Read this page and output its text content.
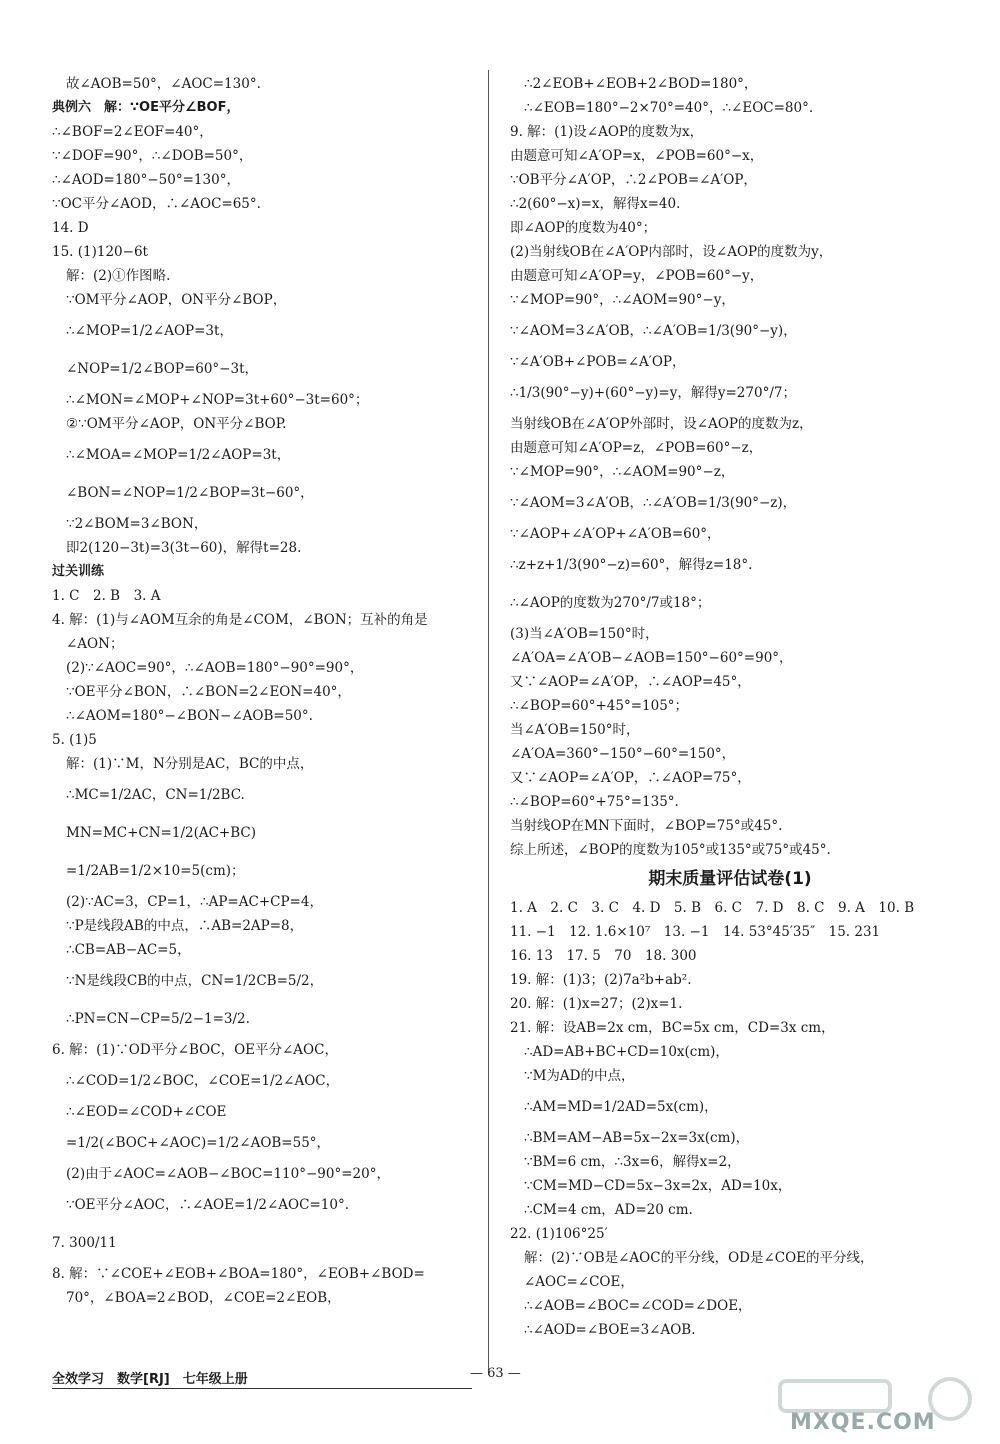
故∠AOB=50°，∠AOC=130°.
典例六　解：∵OE平分∠BOF，
∴∠BOF=2∠EOF=40°，
∵∠DOF=90°，∴∠DOB=50°，
∴∠AOD=180°−50°=130°，
∵OC平分∠AOD，∴∠AOC=65°.
14. D
15. (1)120−6t
解：(2)①作图略.
∵OM平分∠AOP，ON平分∠BOP，
∴∠MOP=1/2∠AOP=3t，
∠NOP=1/2∠BOP=60°−3t，
∴∠MON=∠MOP+∠NOP=3t+60°−3t=60°；
②∵OM平分∠AOP，ON平分∠BOP.
∴∠MOA=∠MOP=1/2∠AOP=3t，
∠BON=∠NOP=1/2∠BOP=3t−60°，
∵2∠BOM=3∠BON，
即2(120−3t)=3(3t−60)，解得t=28.
过关训练
1. C　2. B　3. A
4. 解：(1)与∠AOM互余的角是∠COM，∠BON；互补的角是
∠AON；
(2)∵∠AOC=90°，∴∠AOB=180°−90°=90°，
∵OE平分∠BON，∴∠BON=2∠EON=40°，
∴∠AOM=180°−∠BON−∠AOB=50°.
5. (1)5
解：(1)∵M，N分别是AC，BC的中点，
∴MC=1/2AC，CN=1/2BC.
MN=MC+CN=1/2(AC+BC)
=1/2AB=1/2×10=5(cm)；
(2)∵AC=3，CP=1，∴AP=AC+CP=4，
∵P是线段AB的中点，∴AB=2AP=8，
∴CB=AB−AC=5，
∵N是线段CB的中点，CN=1/2CB=5/2，
∴PN=CN−CP=5/2−1=3/2.
6. 解：(1)∵OD平分∠BOC，OE平分∠AOC，
∴∠COD=1/2∠BOC，∠COE=1/2∠AOC，
∴∠EOD=∠COD+∠COE
=1/2(∠BOC+∠AOC)=1/2∠AOB=55°，
(2)由于∠AOC=∠AOB−∠BOC=110°−90°=20°，
∵OE平分∠AOC，∴∠AOE=1/2∠AOC=10°.
7. 300/11
8. 解：∵∠COE+∠EOB+∠BOA=180°，∠EOB+∠BOD=
70°，∠BOA=2∠BOD，∠COE=2∠EOB，
∴2∠EOB+∠EOB+2∠BOD=180°，
∴∠EOB=180°−2×70°=40°，∴∠EOC=80°.
9. 解：(1)设∠AOP的度数为x，
由题意可知∠A′OP=x，∠POB=60°−x，
∵OB平分∠A′OP，∴2∠POB=∠A′OP，
∴2(60°−x)=x，解得x=40.
即∠AOP的度数为40°；
(2)当射线OB在∠A′OP内部时，设∠AOP的度数为y，
由题意可知∠A′OP=y，∠POB=60°−y，
∵∠MOP=90°，∴∠AOM=90°−y，
∵∠AOM=3∠A′OB，∴∠A′OB=1/3(90°−y)，
∵∠A′OB+∠POB=∠A′OP，
∴1/3(90°−y)+(60°−y)=y，解得y=270°/7；
当射线OB在∠A′OP外部时，设∠AOP的度数为z，
由题意可知∠A′OP=z，∠POB=60°−z，
∵∠MOP=90°，∴∠AOM=90°−z，
∵∠AOM=3∠A′OB，∴∠A′OB=1/3(90°−z)，
∵∠AOP+∠A′OP+∠A′OB=60°，
∴z+z+1/3(90°−z)=60°，解得z=18°.
∴∠AOP的度数为270°/7或18°；
(3)当∠A′OB=150°时，
∠A′OA=∠A′OB−∠AOB=150°−60°=90°，
又∵∠AOP=∠A′OP，∴∠AOP=45°，
∴∠BOP=60°+45°=105°；
当∠A′OB=150°时，
∠A′OA=360°−150°−60°=150°，
又∵∠AOP=∠A′OP，∴∠AOP=75°，
∴∠BOP=60°+75°=135°.
当射线OP在MN下面时，∠BOP=75°或45°.
综上所述，∠BOP的度数为105°或135°或75°或45°.
期末质量评估试卷(1)
1. A　2. C　3. C　4. D　5. B　6. C　7. D　8. C　9. A　10. B
11. −1　12. 1.6×10⁷　13. −1　14. 53°45′35″　15. 231
16. 13　17. 5　70　18. 300
19. 解：(1)3；(2)7a²b+ab².
20. 解：(1)x=27；(2)x=1.
21. 解：设AB=2x cm，BC=5x cm，CD=3x cm，
∴AD=AB+BC+CD=10x(cm)，
∵M为AD的中点，
∴AM=MD=1/2AD=5x(cm)，
∴BM=AM−AB=5x−2x=3x(cm)，
∵BM=6 cm，∴3x=6，解得x=2，
∵CM=MD−CD=5x−3x=2x，AD=10x，
∴CM=4 cm，AD=20 cm.
22. (1)106°25′
解：(2)∵OB是∠AOC的平分线，OD是∠COE的平分线，
∠AOC=∠COE，
∴∠AOB=∠BOC=∠COD=∠DOE，
∴∠AOD=∠BOE=3∠AOB.
全效学习　数学[RJ]　七年级上册	— 63 —
MXQE.COM
